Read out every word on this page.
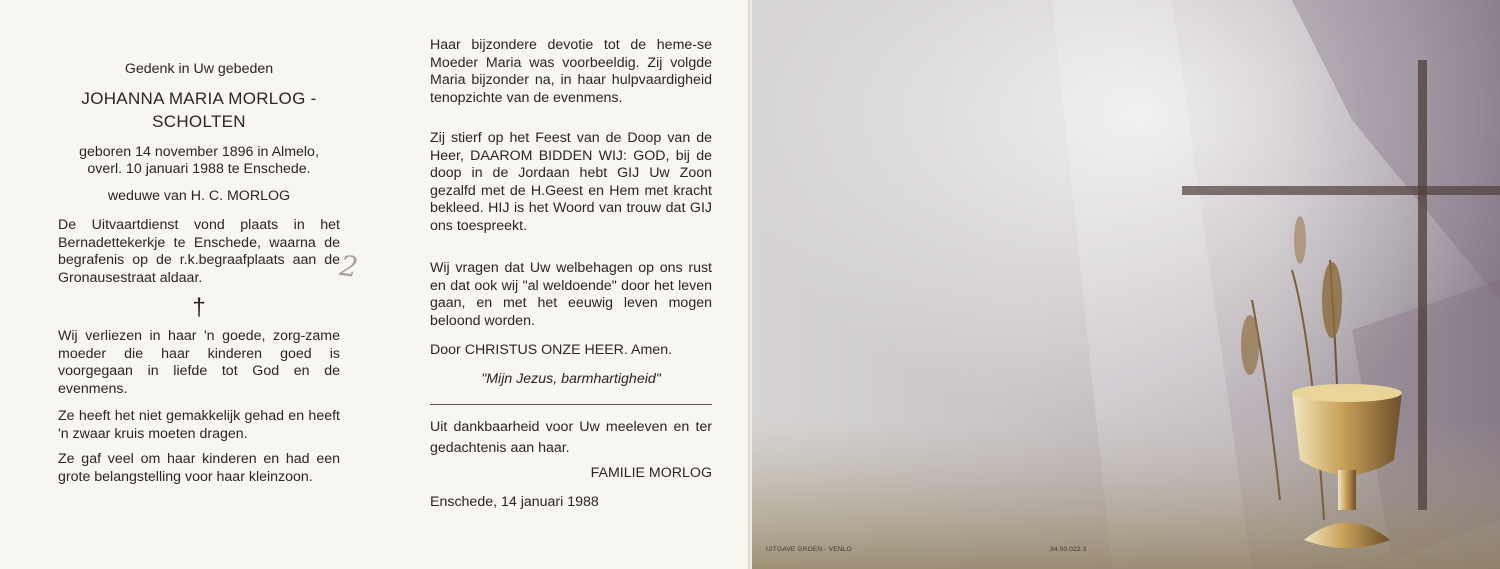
Gedenk in Uw gebeden

JOHANNA MARIA MORLOG -

SCHOLTEN

geboren 14 november 1896 in Almelo,

overl. 10 januari 1988 te Enschede.

weduwe van H. C. MORLOG

De Uitvaartdienst vond plaats in het Bernadettekerkje te Enschede, waarna de begrafenis op de r.k.begraafplaats aan de Gronausestraat aldaar.

†

Wij verliezen in haar 'n goede, zorg-zame moeder die haar kinderen goed is voorgegaan in liefde tot God en de evenmens.

Ze heeft het niet gemakkelijk gehad en heeft 'n zwaar kruis moeten dragen.

Ze gaf veel om haar kinderen en had een grote belangstelling voor haar kleinzoon.

2

Haar bijzondere devotie tot de heme-se Moeder Maria was voorbeeldig. Zij volgde Maria bijzonder na, in haar hulpvaardigheid tenopzichte van de evenmens.

Zij stierf op het Feest van de Doop van de Heer, DAAROM BIDDEN WIJ: GOD, bij de doop in de Jordaan hebt GIJ Uw Zoon gezalfd met de H.Geest en Hem met kracht bekleed. HIJ is het Woord van trouw dat GIJ ons toespreekt.

Wij vragen dat Uw welbehagen op ons rust en dat ook wij "al weldoende" door het leven gaan, en met het eeuwig leven mogen beloond worden.

Door CHRISTUS ONZE HEER. Amen.

"Mijn Jezus, barmhartigheid"

Uit dankbaarheid voor Uw meeleven en ter gedachtenis aan haar.

FAMILIE MORLOG

Enschede, 14 januari 1988

UITGAVE GROEN - VENLO	34.00.022.3
